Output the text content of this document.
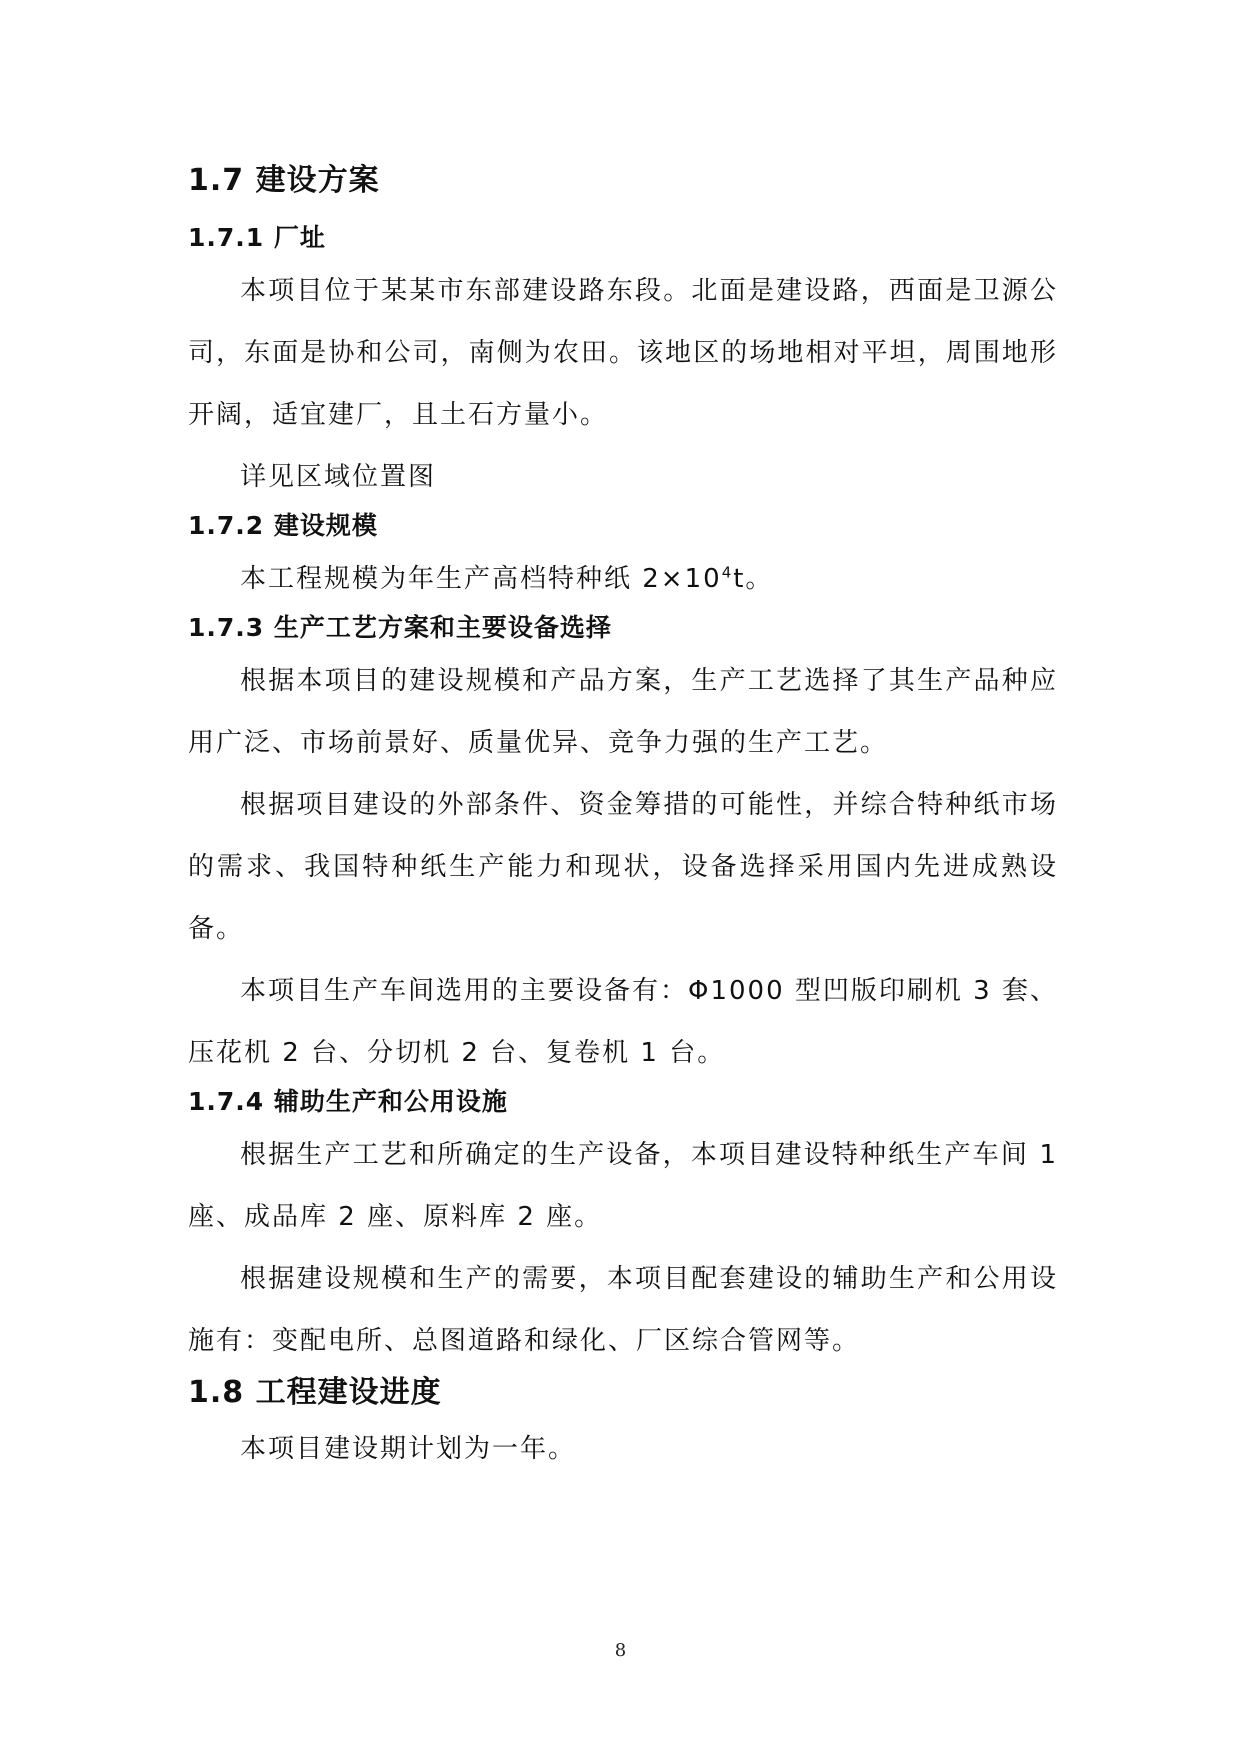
1.7 建设方案
1.7.1 厂址

本项目位于某某市东部建设路东段。北面是建设路，西面是卫源公司，东面是协和公司，南侧为农田。该地区的场地相对平坦，周围地形开阔，适宜建厂，且土石方量小。

详见区域位置图

1.7.2 建设规模

本工程规模为年生产高档特种纸 $2\times 10^4t$。

1.7.3 生产工艺方案和主要设备选择

根据本项目的建设规模和产品方案，生产工艺选择了其生产品种应用广泛、市场前景好、质量优异、竞争力强的生产工艺。

根据项目建设的外部条件、资金筹措的可能性，并综合特种纸市场的需求、我国特种纸生产能力和现状，设备选择采用国内先进成熟设备。

本项目生产车间选用的主要设备有：Φ1000 型凹版印刷机 3 套、压花机 2 台、分切机 2 台、复卷机 1 台。

1.7.4 辅助生产和公用设施

根据生产工艺和所确定的生产设备，本项目建设特种纸生产车间 1 座、成品库 2 座、原料库 2 座。

根据建设规模和生产的需要，本项目配套建设的辅助生产和公用设施有：变配电所、总图道路和绿化、厂区综合管网等。

1.8 工程建设进度

本项目建设期计划为一年。

8
